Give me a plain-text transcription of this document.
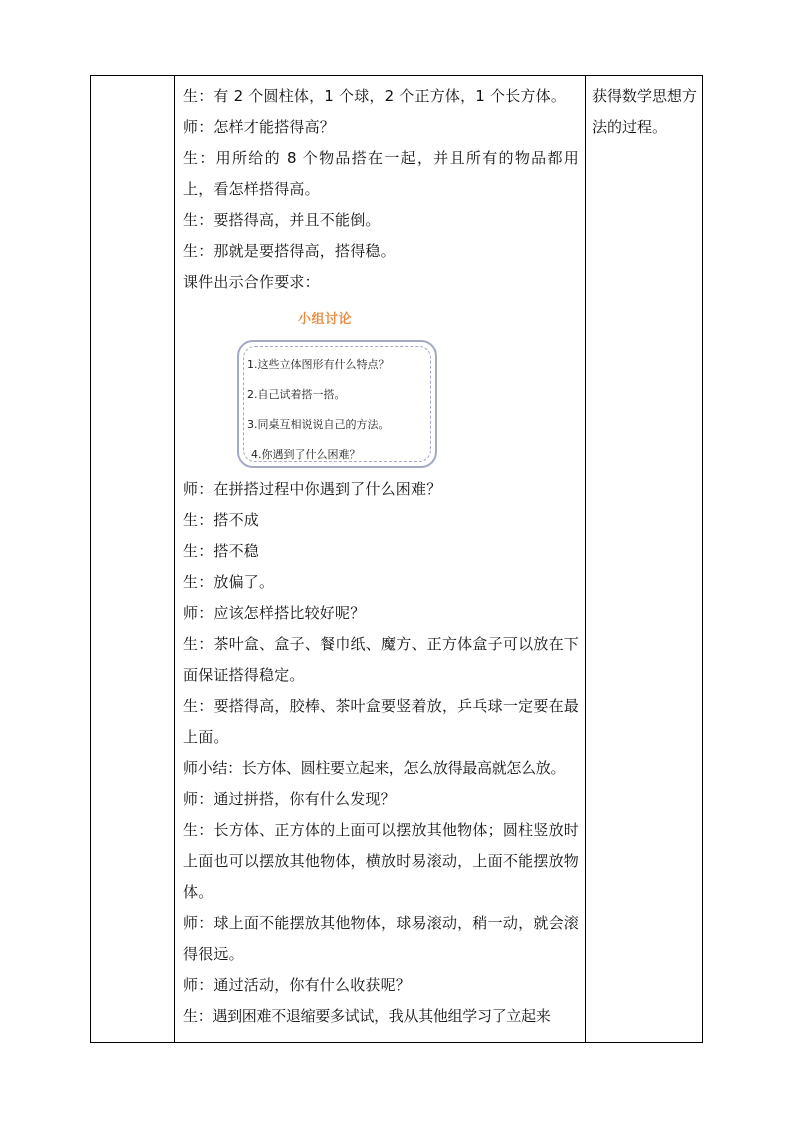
生：有 2 个圆柱体，1 个球，2 个正方体，1 个长方体。
师：怎样才能搭得高？
生：用所给的 8 个物品搭在一起，并且所有的物品都用上，看怎样搭得高。
生：要搭得高，并且不能倒。
生：那就是要搭得高，搭得稳。
课件出示合作要求：
小组讨论
1.这些立体图形有什么特点？
2.自己试着搭一搭。
3.同桌互相说说自己的方法。
4.你遇到了什么困难？
师：在拼搭过程中你遇到了什么困难？
生：搭不成
生：搭不稳
生：放偏了。
师：应该怎样搭比较好呢？
生：茶叶盒、盒子、餐巾纸、魔方、正方体盒子可以放在下面保证搭得稳定。
生：要搭得高，胶棒、茶叶盒要竖着放，乒乓球一定要在最上面。
师小结：长方体、圆柱要立起来，怎么放得最高就怎么放。
师：通过拼搭，你有什么发现？
生：长方体、正方体的上面可以摆放其他物体；圆柱竖放时上面也可以摆放其他物体，横放时易滚动，上面不能摆放物体。
师：球上面不能摆放其他物体，球易滚动，稍一动，就会滚得很远。
师：通过活动，你有什么收获呢？
生：遇到困难不退缩要多试试，我从其他组学习了立起来
获得数学思想方法的过程。
